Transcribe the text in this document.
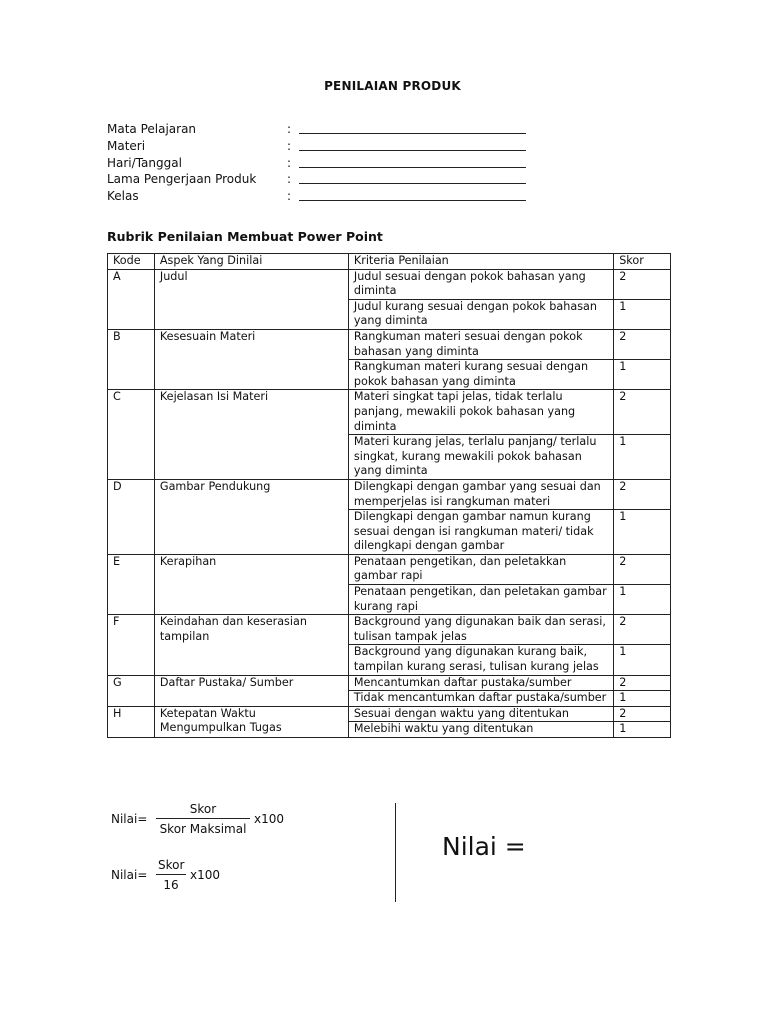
PENILAIAN PRODUK
Mata Pelajaran	:
Materi	:
Hari/Tanggal	:
Lama Pengerjaan Produk	:
Kelas	:
Rubrik Penilaian Membuat Power Point
Kode	Aspek Yang Dinilai	Kriteria Penilaian	Skor
A	Judul	Judul sesuai dengan pokok bahasan yang diminta	2
		Judul kurang sesuai dengan pokok bahasan yang diminta	1
B	Kesesuain Materi	Rangkuman materi sesuai dengan pokok bahasan yang diminta	2
		Rangkuman materi kurang sesuai dengan pokok bahasan yang diminta	1
C	Kejelasan Isi Materi	Materi singkat tapi jelas, tidak terlalu panjang, mewakili pokok bahasan yang diminta	2
		Materi kurang jelas, terlalu panjang/ terlalu singkat, kurang mewakili pokok bahasan yang diminta	1
D	Gambar Pendukung	Dilengkapi dengan gambar yang sesuai dan memperjelas isi rangkuman materi	2
		Dilengkapi dengan gambar namun kurang sesuai dengan isi rangkuman materi/ tidak dilengkapi dengan gambar	1
E	Kerapihan	Penataan pengetikan, dan peletakkan gambar rapi	2
		Penataan pengetikan, dan peletakan gambar kurang rapi	1
F	Keindahan dan keserasian tampilan	Background yang digunakan baik dan serasi, tulisan tampak jelas	2
		Background yang digunakan kurang baik, tampilan kurang serasi, tulisan kurang jelas	1
G	Daftar Pustaka/ Sumber	Mencantumkan daftar pustaka/sumber	2
		Tidak mencantumkan daftar pustaka/sumber	1
H	Ketepatan Waktu Mengumpulkan Tugas	Sesuai dengan waktu yang ditentukan	2
		Melebihi waktu yang ditentukan	1
Nilai=
Skor
Skor Maksimal
x100
Nilai=
Skor
16
x100
Nilai =
